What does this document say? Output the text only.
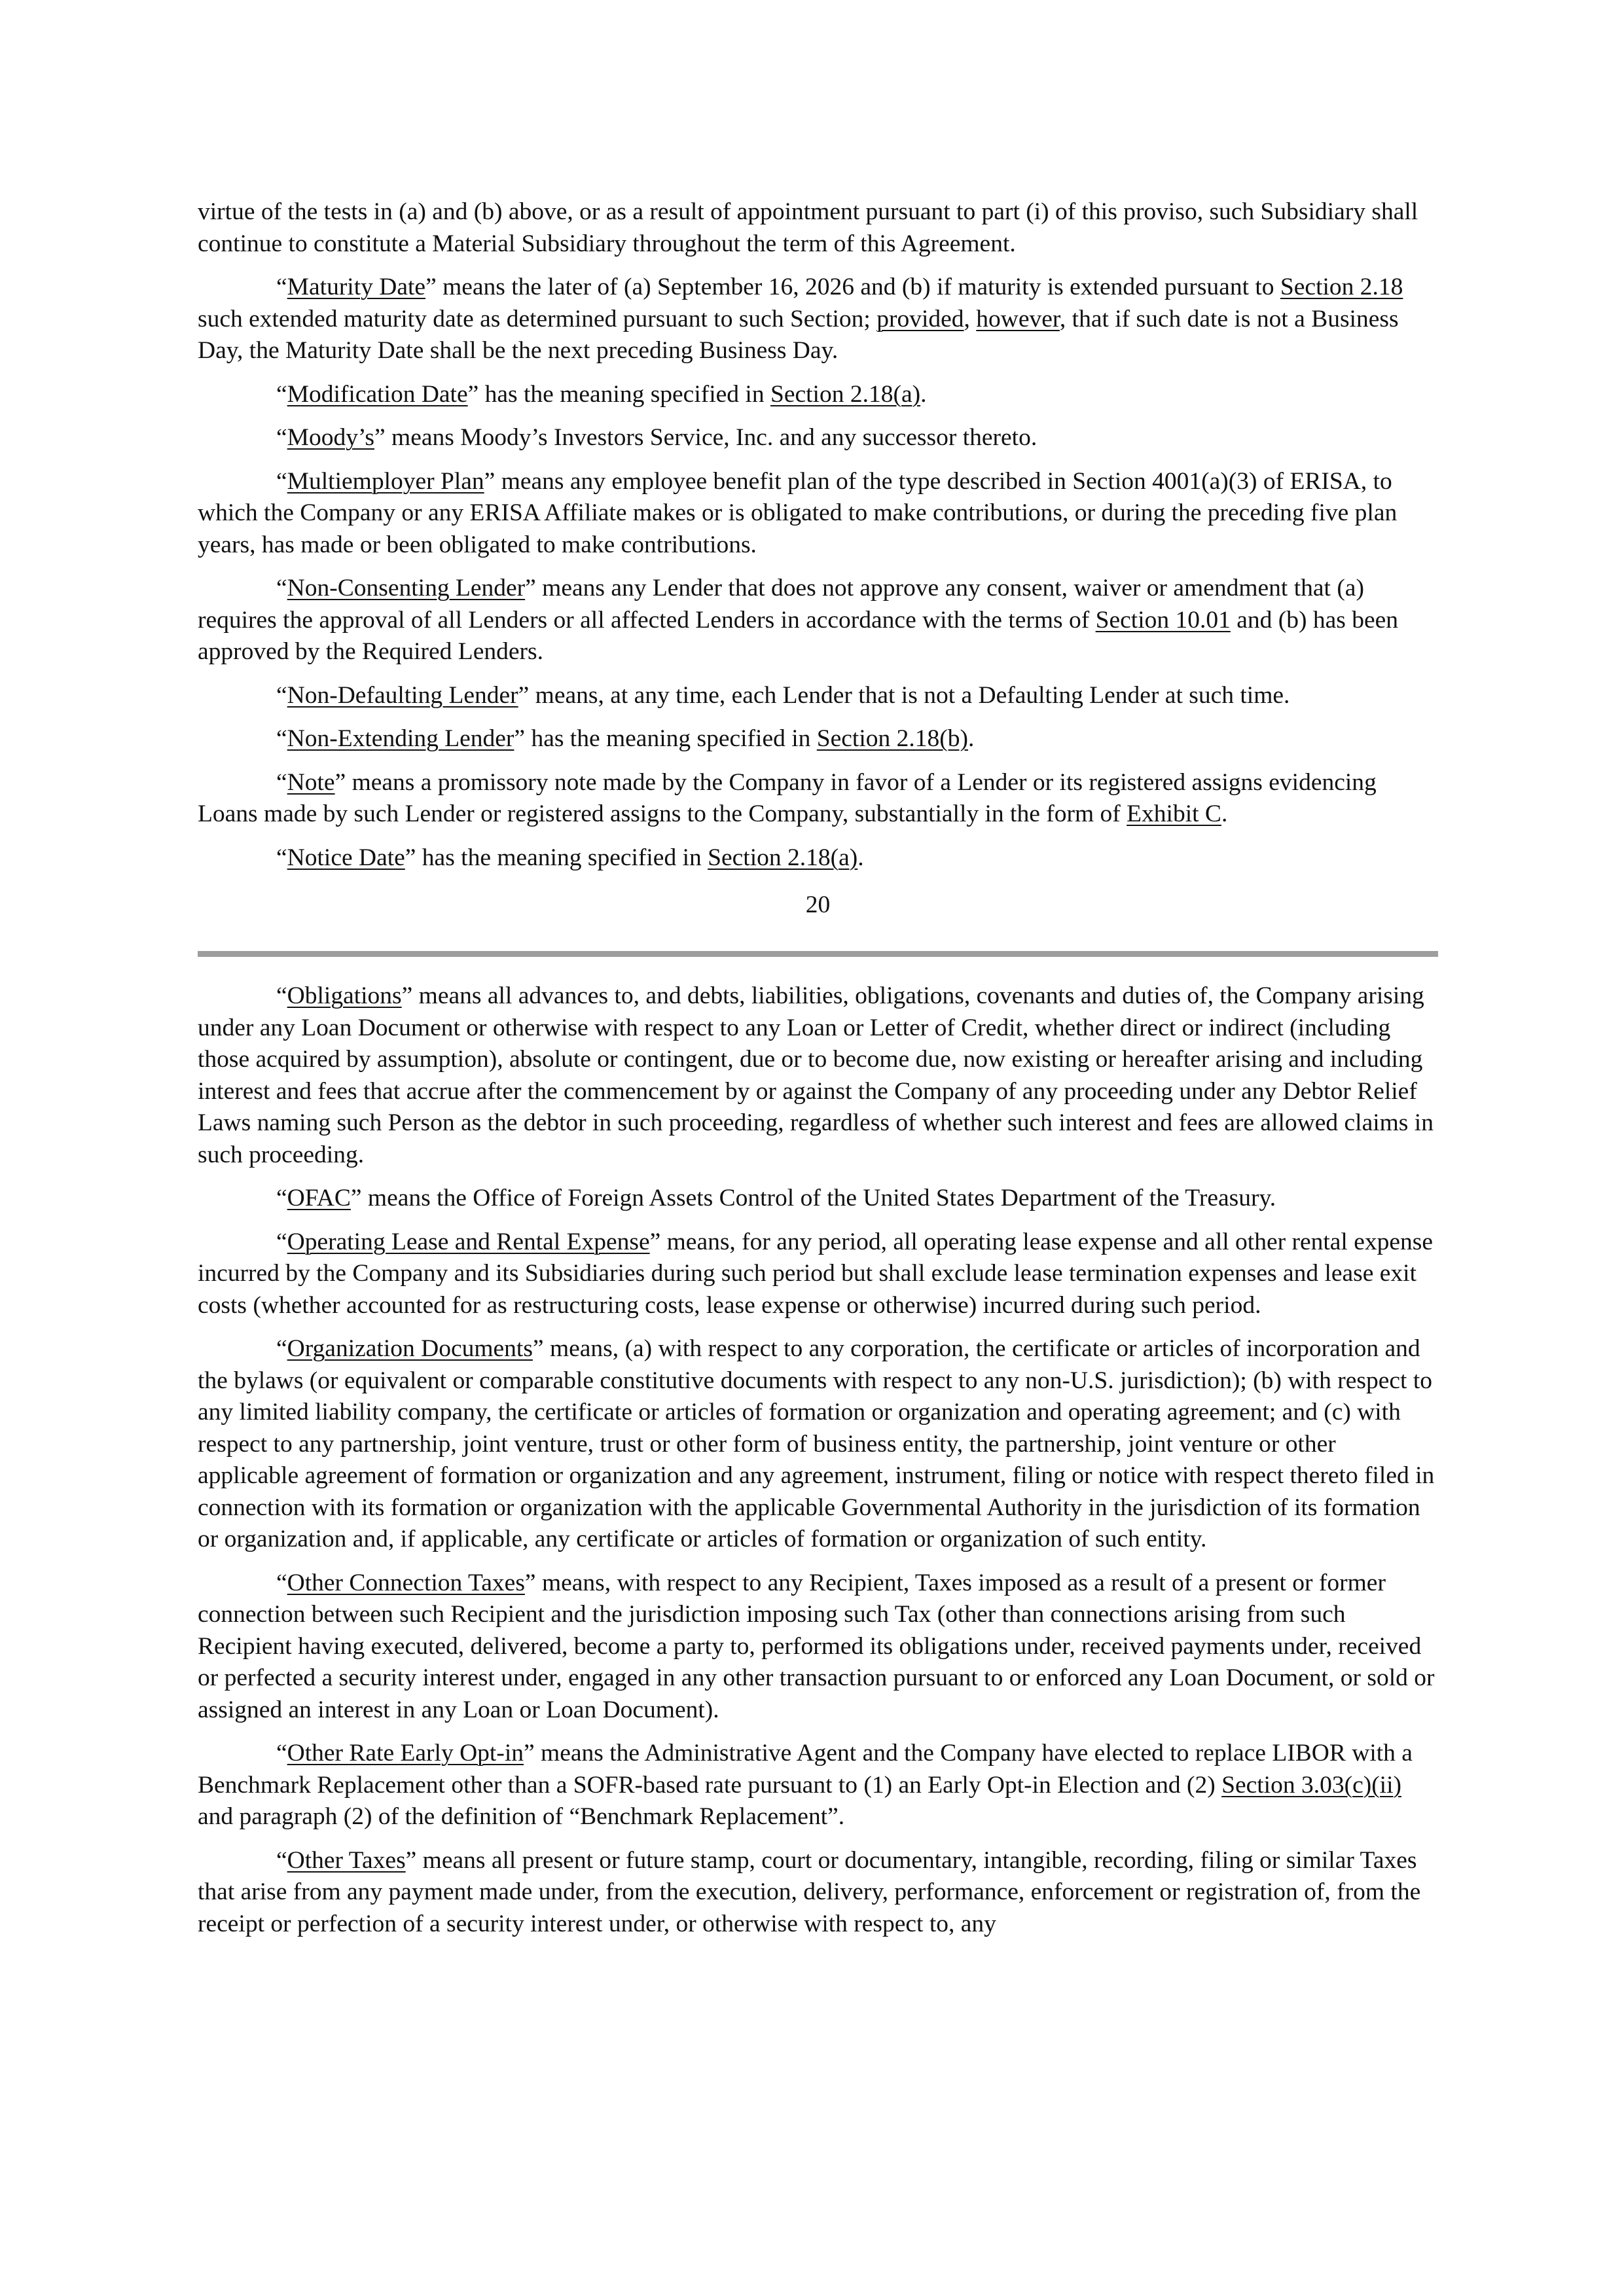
virtue of the tests in (a) and (b) above, or as a result of appointment pursuant to part (i) of this proviso, such Subsidiary shall continue to constitute a Material Subsidiary throughout the term of this Agreement.

“Maturity Date” means the later of (a) September 16, 2026 and (b) if maturity is extended pursuant to Section 2.18 such extended maturity date as determined pursuant to such Section; provided, however, that if such date is not a Business Day, the Maturity Date shall be the next preceding Business Day.

“Modification Date” has the meaning specified in Section 2.18(a).

“Moody’s” means Moody’s Investors Service, Inc. and any successor thereto.

“Multiemployer Plan” means any employee benefit plan of the type described in Section 4001(a)(3) of ERISA, to which the Company or any ERISA Affiliate makes or is obligated to make contributions, or during the preceding five plan years, has made or been obligated to make contributions.

“Non-Consenting Lender” means any Lender that does not approve any consent, waiver or amendment that (a) requires the approval of all Lenders or all affected Lenders in accordance with the terms of Section 10.01 and (b) has been approved by the Required Lenders.

“Non-Defaulting Lender” means, at any time, each Lender that is not a Defaulting Lender at such time.

“Non-Extending Lender” has the meaning specified in Section 2.18(b).

“Note” means a promissory note made by the Company in favor of a Lender or its registered assigns evidencing Loans made by such Lender or registered assigns to the Company, substantially in the form of Exhibit C.

“Notice Date” has the meaning specified in Section 2.18(a).

20

“Obligations” means all advances to, and debts, liabilities, obligations, covenants and duties of, the Company arising under any Loan Document or otherwise with respect to any Loan or Letter of Credit, whether direct or indirect (including those acquired by assumption), absolute or contingent, due or to become due, now existing or hereafter arising and including interest and fees that accrue after the commencement by or against the Company of any proceeding under any Debtor Relief Laws naming such Person as the debtor in such proceeding, regardless of whether such interest and fees are allowed claims in such proceeding.

“OFAC” means the Office of Foreign Assets Control of the United States Department of the Treasury.

“Operating Lease and Rental Expense” means, for any period, all operating lease expense and all other rental expense incurred by the Company and its Subsidiaries during such period but shall exclude lease termination expenses and lease exit costs (whether accounted for as restructuring costs, lease expense or otherwise) incurred during such period.

“Organization Documents” means, (a) with respect to any corporation, the certificate or articles of incorporation and the bylaws (or equivalent or comparable constitutive documents with respect to any non-U.S. jurisdiction); (b) with respect to any limited liability company, the certificate or articles of formation or organization and operating agreement; and (c) with respect to any partnership, joint venture, trust or other form of business entity, the partnership, joint venture or other applicable agreement of formation or organization and any agreement, instrument, filing or notice with respect thereto filed in connection with its formation or organization with the applicable Governmental Authority in the jurisdiction of its formation or organization and, if applicable, any certificate or articles of formation or organization of such entity.

“Other Connection Taxes” means, with respect to any Recipient, Taxes imposed as a result of a present or former connection between such Recipient and the jurisdiction imposing such Tax (other than connections arising from such Recipient having executed, delivered, become a party to, performed its obligations under, received payments under, received or perfected a security interest under, engaged in any other transaction pursuant to or enforced any Loan Document, or sold or assigned an interest in any Loan or Loan Document).

“Other Rate Early Opt-in” means the Administrative Agent and the Company have elected to replace LIBOR with a Benchmark Replacement other than a SOFR-based rate pursuant to (1) an Early Opt-in Election and (2) Section 3.03(c)(ii) and paragraph (2) of the definition of “Benchmark Replacement”.

“Other Taxes” means all present or future stamp, court or documentary, intangible, recording, filing or similar Taxes that arise from any payment made under, from the execution, delivery, performance, enforcement or registration of, from the receipt or perfection of a security interest under, or otherwise with respect to, any
